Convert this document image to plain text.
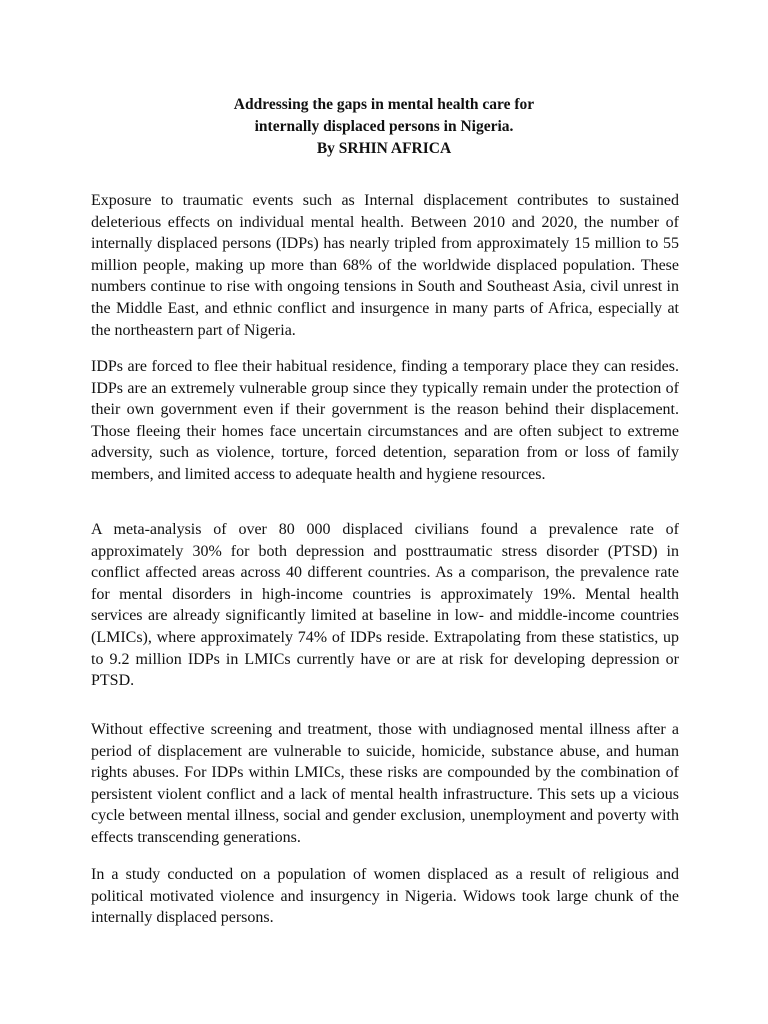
Addressing the gaps in mental health care for
internally displaced persons in Nigeria.
By SRHIN AFRICA

Exposure to traumatic events such as Internal displacement contributes to sustained deleterious effects on individual mental health. Between 2010 and 2020, the number of internally displaced persons (IDPs) has nearly tripled from approximately 15 million to 55 million people, making up more than 68% of the worldwide displaced population. These numbers continue to rise with ongoing tensions in South and Southeast Asia, civil unrest in the Middle East, and ethnic conflict and insurgence in many parts of Africa, especially at the northeastern part of Nigeria.

IDPs are forced to flee their habitual residence, finding a temporary place they can resides. IDPs are an extremely vulnerable group since they typically remain under the protection of their own government even if their government is the reason behind their displacement. Those fleeing their homes face uncertain circumstances and are often subject to extreme adversity, such as violence, torture, forced detention, separation from or loss of family members, and limited access to adequate health and hygiene resources.

A meta-analysis of over 80 000 displaced civilians found a prevalence rate of approximately 30% for both depression and posttraumatic stress disorder (PTSD) in conflict affected areas across 40 different countries. As a comparison, the prevalence rate for mental disorders in high-income countries is approximately 19%. Mental health services are already significantly limited at baseline in low- and middle-income countries (LMICs), where approximately 74% of IDPs reside. Extrapolating from these statistics, up to 9.2 million IDPs in LMICs currently have or are at risk for developing depression or PTSD.

Without effective screening and treatment, those with undiagnosed mental illness after a period of displacement are vulnerable to suicide, homicide, substance abuse, and human rights abuses. For IDPs within LMICs, these risks are compounded by the combination of persistent violent conflict and a lack of mental health infrastructure. This sets up a vicious cycle between mental illness, social and gender exclusion, unemployment and poverty with effects transcending generations.

In a study conducted on a population of women displaced as a result of religious and political motivated violence and insurgency in Nigeria. Widows took large chunk of the internally displaced persons.
